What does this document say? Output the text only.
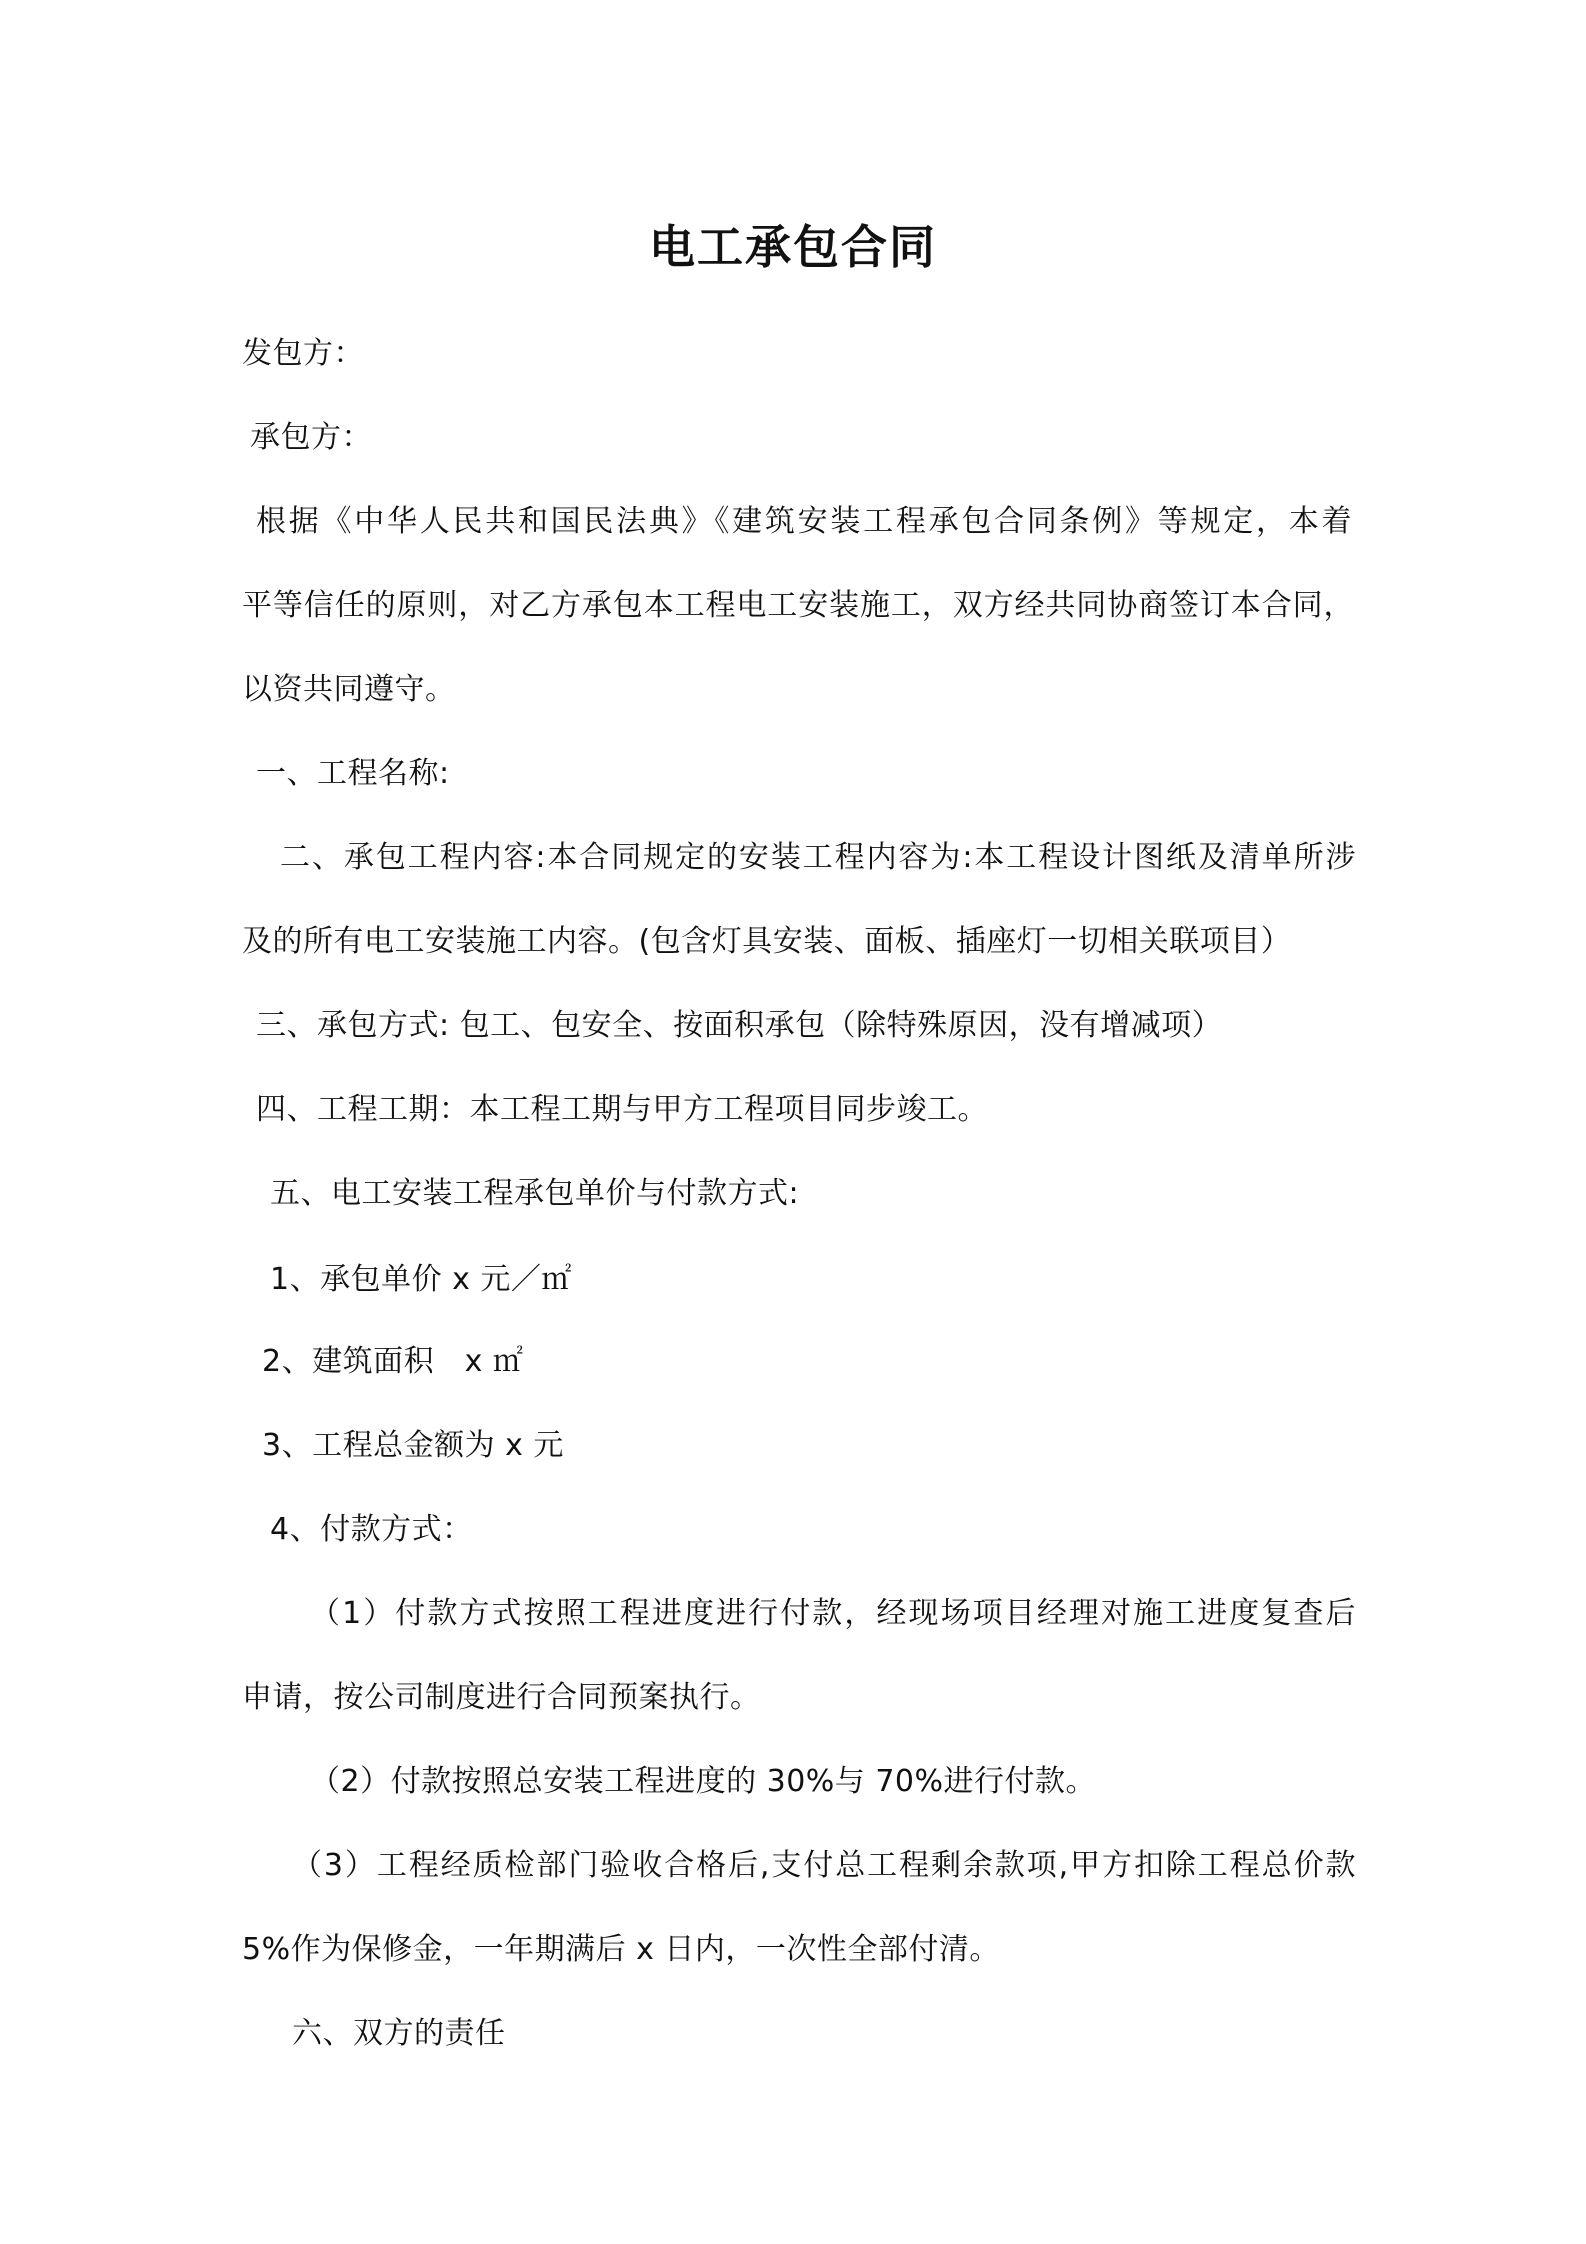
电工承包合同
发包方：
承包方：
根据《中华人民共和国民法典》《建筑安装工程承包合同条例》等规定，本着
平等信任的原则，对乙方承包本工程电工安装施工，双方经共同协商签订本合同，
以资共同遵守。
一、工程名称:
二、承包工程内容:本合同规定的安装工程内容为:本工程设计图纸及清单所涉
及的所有电工安装施工内容。(包含灯具安装、面板、插座灯一切相关联项目）
三、承包方式: 包工、包安全、按面积承包（除特殊原因，没有增减项）
四、工程工期：本工程工期与甲方工程项目同步竣工。
五、电工安装工程承包单价与付款方式:
1、承包单价 x 元／㎡
2、建筑面积　x ㎡
3、工程总金额为 x 元
4、付款方式：
（1）付款方式按照工程进度进行付款，经现场项目经理对施工进度复查后
申请，按公司制度进行合同预案执行。
（2）付款按照总安装工程进度的 30%与 70%进行付款。
（3）工程经质检部门验收合格后,支付总工程剩余款项,甲方扣除工程总价款
5%作为保修金，一年期满后 x 日内，一次性全部付清。
六、双方的责任
